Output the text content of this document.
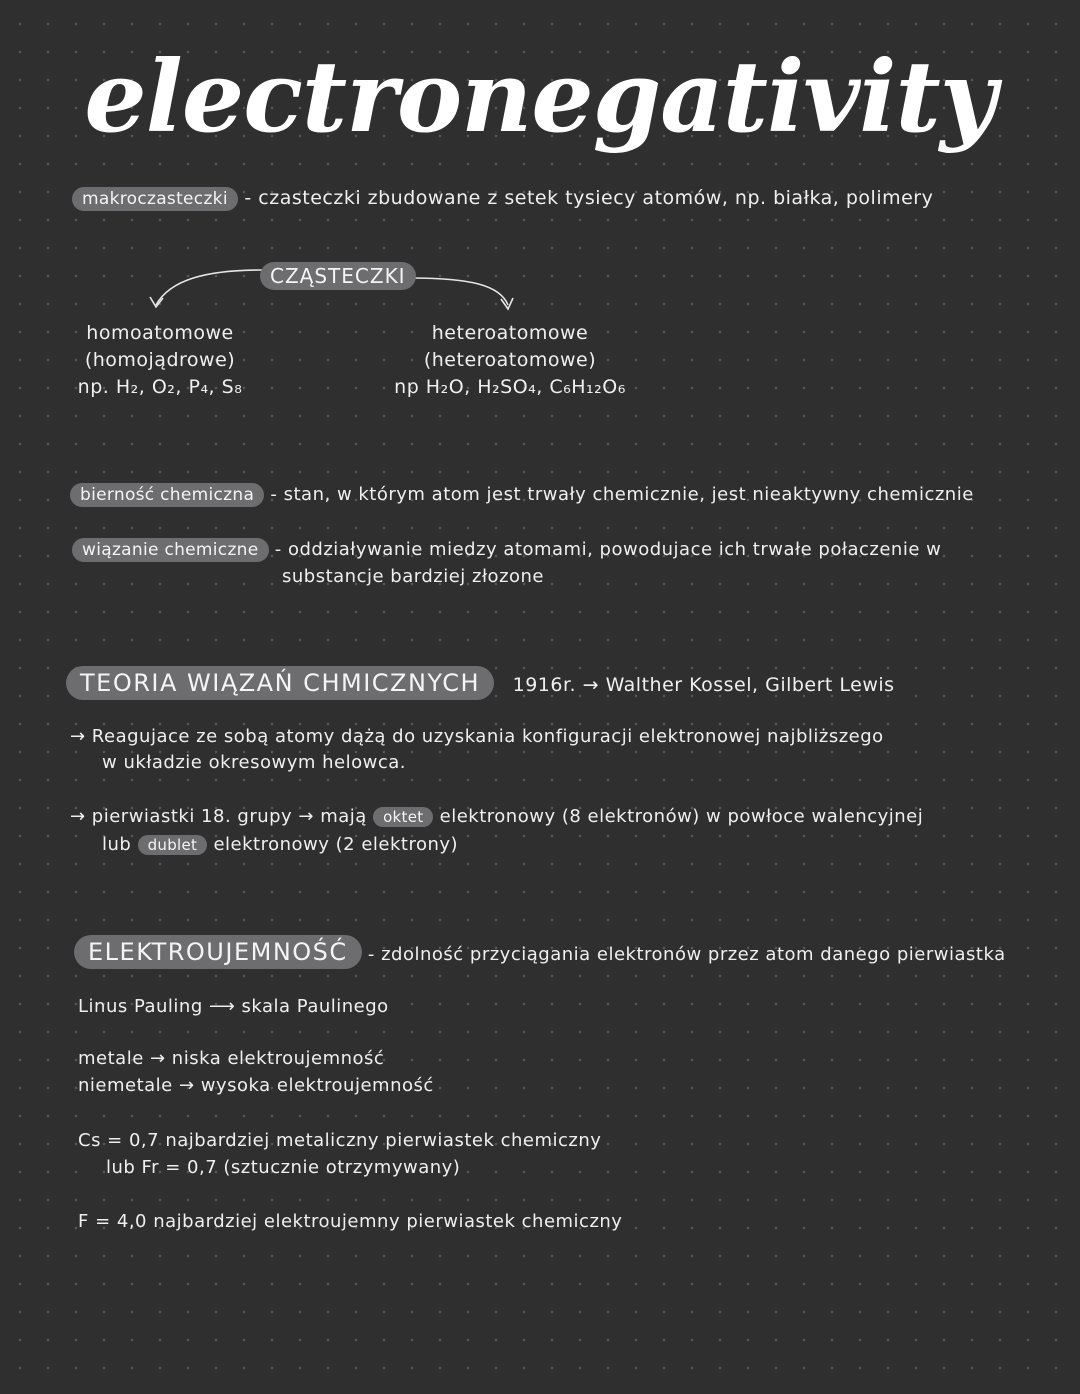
electronegativity
makroczasteczki - czasteczki zbudowane z setek tysiecy atomów, np. białka, polimery
CZĄSTECZKI
homoatomowe
(homojądrowe)
np. H₂, O₂, P₄, S₈
heteroatomowe
(heteroatomowe)
np H₂O, H₂SO₄, C₆H₁₂O₆
bierność chemiczna - stan, w którym atom jest trwały chemicznie, jest nieaktywny chemicznie
wiązanie chemiczne - oddziaływanie miedzy atomami, powodujace ich trwałe połaczenie w
substancje bardziej złozone
TEORIA WIĄZAŃ CHMICZNYCH 1916r. → Walther Kossel, Gilbert Lewis
→ Reagujace ze sobą atomy dążą do uzyskania konfiguracji elektronowej najbliższego
w układzie okresowym helowca.
→ pierwiastki 18. grupy → mają oktet elektronowy (8 elektronów) w powłoce walencyjnej
lub dublet elektronowy (2 elektrony)
ELEKTROUJEMNOŚĆ - zdolność przyciągania elektronów przez atom danego pierwiastka
Linus Pauling ⟶ skala Paulinego
metale → niska elektroujemność
niemetale → wysoka elektroujemność
Cs = 0,7 najbardziej metaliczny pierwiastek chemiczny
lub Fr = 0,7 (sztucznie otrzymywany)
F = 4,0 najbardziej elektroujemny pierwiastek chemiczny
